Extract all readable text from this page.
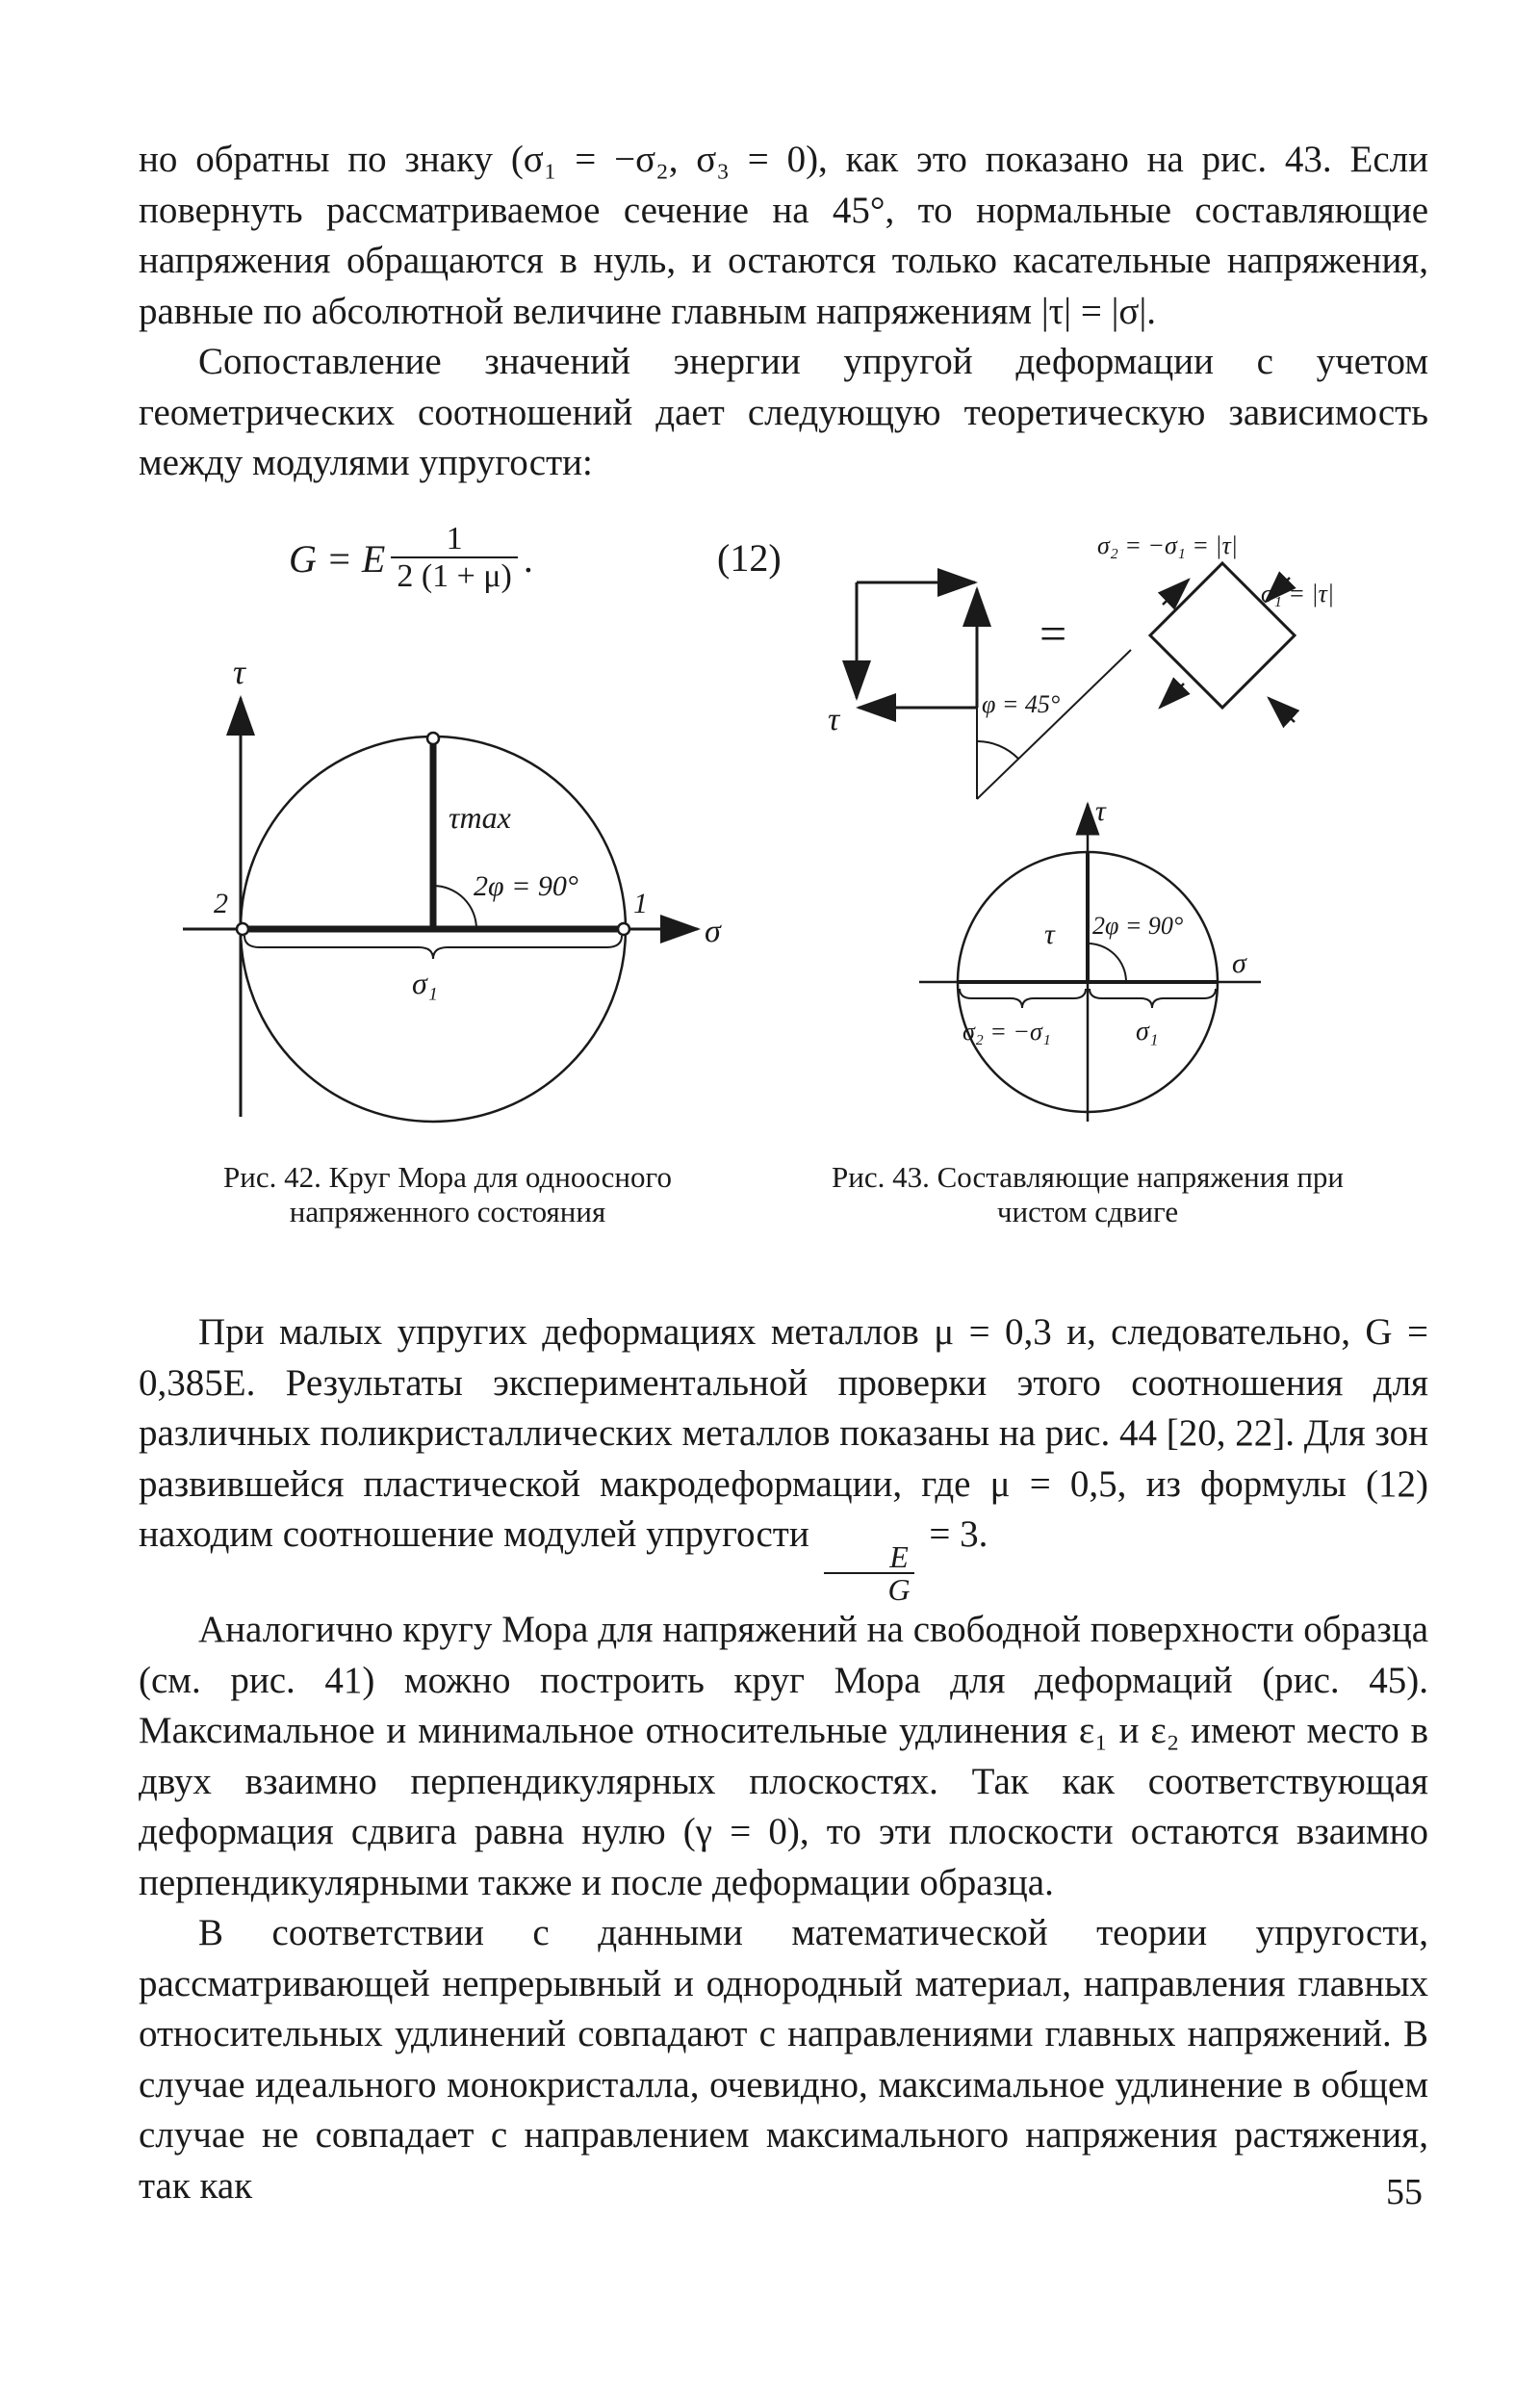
но обратны по знаку (σ₁ = −σ₂, σ₃ = 0), как это показано на рис. 43. Если повернуть рассматриваемое сечение на 45°, то нормальные составляющие напряжения обращаются в нуль, и остаются только касательные напряжения, равные по абсолютной величине главным напряжениям |τ| = |σ|.

Сопоставление значений энергии упругой деформации с учетом геометрических соотношений дает следующую теоретическую зависимость между модулями упругости:

G = E $\frac{1}{2 (1 + \mu)}$ .	(12)
τ
σ
τmax
2φ = 90°
σ₁
1
2
Рис. 42. Круг Мора для одноосного напряженного состояния
τ	φ = 45°
=
σ₂ = −σ₁ = |τ|
σ₁ = |τ|
τ
τ 2φ = 90°
σ
σ₂ = −σ₁	σ₁
Рис. 43. Составляющие напряжения при чистом сдвиге

При малых упругих деформациях металлов μ = 0,3 и, следовательно, G = 0,385E. Результаты экспериментальной проверки этого соотношения для различных поликристаллических металлов показаны на рис. 44 [20, 22]. Для зон развившейся пластической макродеформации, где μ = 0,5, из формулы (12) находим соотношение модулей упругости
$\frac{E}{G}$
= 3.

Аналогично кругу Мора для напряжений на свободной поверхности образца (см. рис. 41) можно построить круг Мора для деформаций (рис. 45). Максимальное и минимальное относительные удлинения ε₁ и ε₂ имеют место в двух взаимно перпендикулярных плоскостях. Так как соответствующая деформация сдвига равна нулю (γ = 0), то эти плоскости остаются взаимно перпендикулярными также и после деформации образца.

В соответствии с данными математической теории упругости, рассматривающей непрерывный и однородный материал, направления главных относительных удлинений совпадают с направлениями главных напряжений. В случае идеального монокристалла, очевидно, максимальное удлинение в общем случае не совпадает с направлением максимального напряжения растяжения, так как	55
